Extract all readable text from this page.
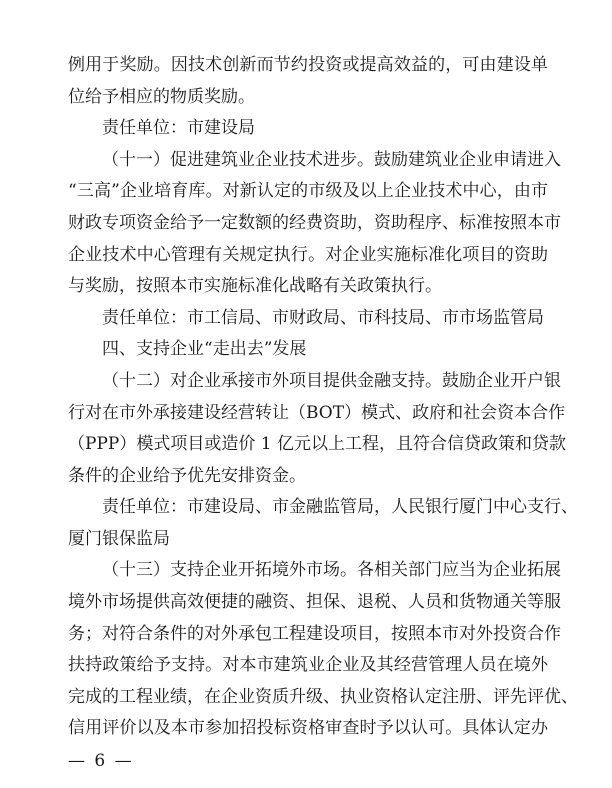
例用于奖励。因技术创新而节约投资或提高效益的，可由建设单
位给予相应的物质奖励。
责任单位：市建设局
（十一）促进建筑业企业技术进步。鼓励建筑业企业申请进入
“三高”企业培育库。对新认定的市级及以上企业技术中心，由市
财政专项资金给予一定数额的经费资助，资助程序、标准按照本市
企业技术中心管理有关规定执行。对企业实施标准化项目的资助
与奖励，按照本市实施标准化战略有关政策执行。
责任单位：市工信局、市财政局、市科技局、市市场监管局
四、支持企业“走出去”发展
（十二）对企业承接市外项目提供金融支持。鼓励企业开户银
行对在市外承接建设经营转让（BOT）模式、政府和社会资本合作
（PPP）模式项目或造价 1 亿元以上工程，且符合信贷政策和贷款
条件的企业给予优先安排资金。
责任单位：市建设局、市金融监管局，人民银行厦门中心支行、
厦门银保监局
（十三）支持企业开拓境外市场。各相关部门应当为企业拓展
境外市场提供高效便捷的融资、担保、退税、人员和货物通关等服
务；对符合条件的对外承包工程建设项目，按照本市对外投资合作
扶持政策给予支持。对本市建筑业企业及其经营管理人员在境外
完成的工程业绩，在企业资质升级、执业资格认定注册、评先评优、
信用评价以及本市参加招投标资格审查时予以认可。具体认定办
— 6 —
